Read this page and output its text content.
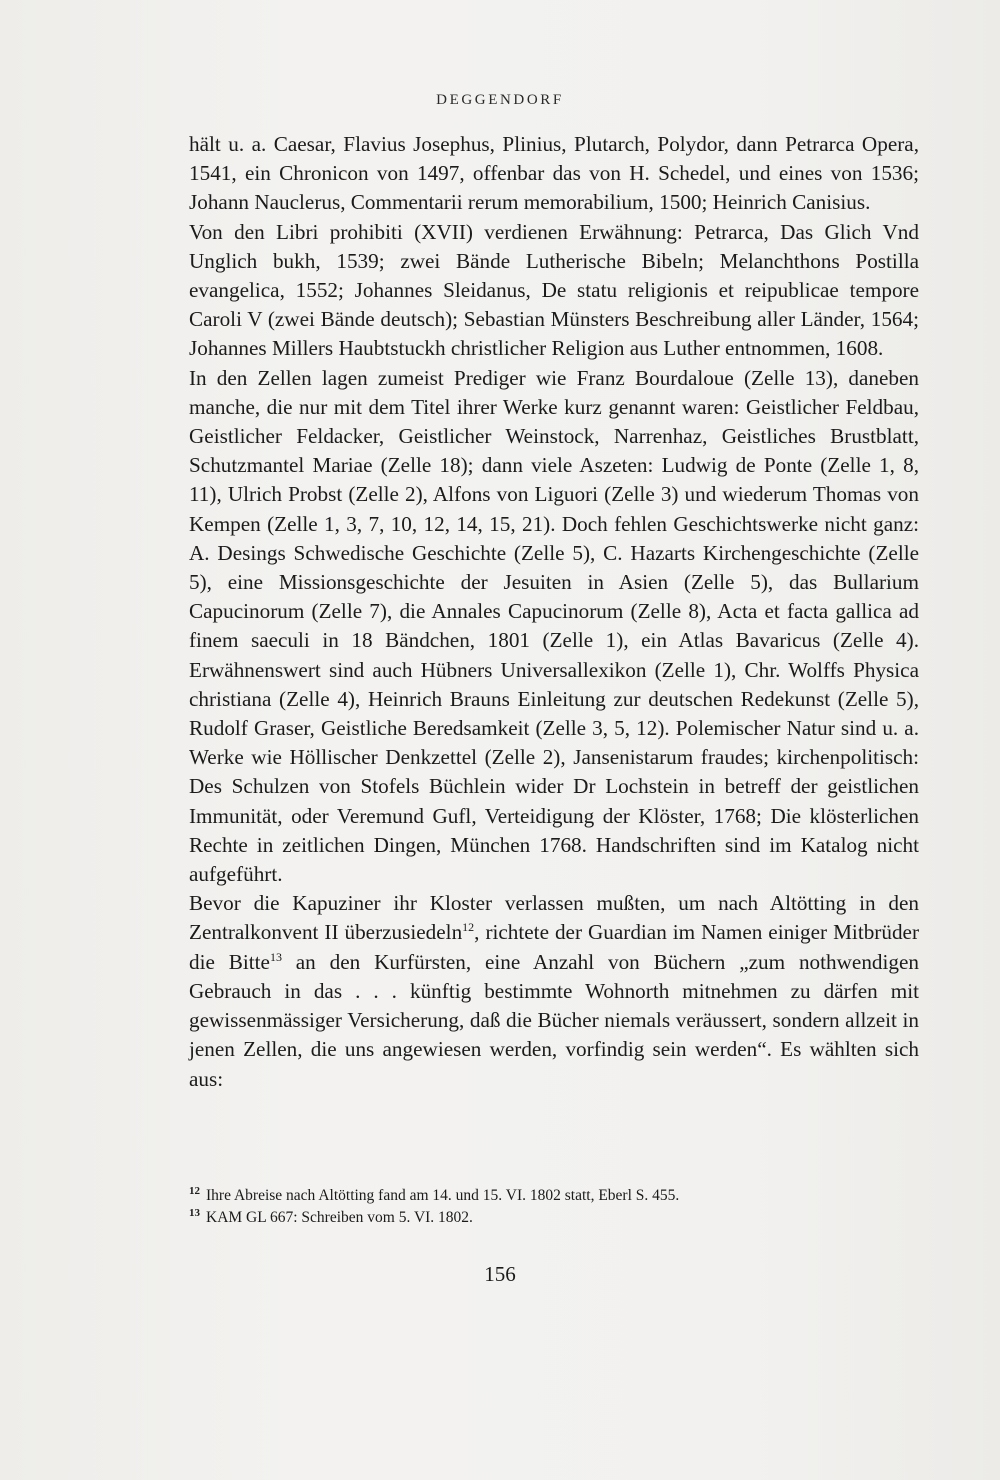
DEGGENDORF

hält u. a. Caesar, Flavius Josephus, Plinius, Plutarch, Polydor, dann Petrarca Opera, 1541, ein Chronicon von 1497, offenbar das von H. Schedel, und eines von 1536; Johann Nauclerus, Commentarii rerum memorabilium, 1500; Heinrich Canisius.

Von den Libri prohibiti (XVII) verdienen Erwähnung: Petrarca, Das Glich Vnd Unglich bukh, 1539; zwei Bände Lutherische Bibeln; Melanchthons Postilla evangelica, 1552; Johannes Sleidanus, De statu religionis et reipublicae tempore Caroli V (zwei Bände deutsch); Sebastian Münsters Beschreibung aller Länder, 1564; Johannes Millers Haubtstuckh christlicher Religion aus Luther entnommen, 1608.

In den Zellen lagen zumeist Prediger wie Franz Bourdaloue (Zelle 13), daneben manche, die nur mit dem Titel ihrer Werke kurz genannt waren: Geistlicher Feldbau, Geistlicher Feldacker, Geistlicher Weinstock, Narrenhaz, Geistliches Brustblatt, Schutzmantel Mariae (Zelle 18); dann viele Aszeten: Ludwig de Ponte (Zelle 1, 8, 11), Ulrich Probst (Zelle 2), Alfons von Liguori (Zelle 3) und wiederum Thomas von Kempen (Zelle 1, 3, 7, 10, 12, 14, 15, 21). Doch fehlen Geschichtswerke nicht ganz: A. Desings Schwedische Geschichte (Zelle 5), C. Hazarts Kirchengeschichte (Zelle 5), eine Missionsgeschichte der Jesuiten in Asien (Zelle 5), das Bullarium Capucinorum (Zelle 7), die Annales Capucinorum (Zelle 8), Acta et facta gallica ad finem saeculi in 18 Bändchen, 1801 (Zelle 1), ein Atlas Bavaricus (Zelle 4). Erwähnenswert sind auch Hübners Universallexikon (Zelle 1), Chr. Wolffs Physica christiana (Zelle 4), Heinrich Brauns Einleitung zur deutschen Redekunst (Zelle 5), Rudolf Graser, Geistliche Beredsamkeit (Zelle 3, 5, 12). Polemischer Natur sind u. a. Werke wie Höllischer Denkzettel (Zelle 2), Jansenistarum fraudes; kirchenpolitisch: Des Schulzen von Stofels Büchlein wider Dr Lochstein in betreff der geistlichen Immunität, oder Veremund Gufl, Verteidigung der Klöster, 1768; Die klösterlichen Rechte in zeitlichen Dingen, München 1768. Handschriften sind im Katalog nicht aufgeführt.

Bevor die Kapuziner ihr Kloster verlassen mußten, um nach Altötting in den Zentralkonvent II überzusiedeln$^{12}$, richtete der Guardian im Namen einiger Mitbrüder die Bitte$^{13}$ an den Kurfürsten, eine Anzahl von Büchern „zum nothwendigen Gebrauch in das . . . künftig bestimmte Wohnorth mitnehmen zu därfen mit gewissenmässiger Versicherung, daß die Bücher niemals veräussert, sondern allzeit in jenen Zellen, die uns angewiesen werden, vorfindig sein werden“. Es wählten sich aus:

$^{12}$ Ihre Abreise nach Altötting fand am 14. und 15. VI. 1802 statt, Eberl S. 455.

$^{13}$ KAM GL 667: Schreiben vom 5. VI. 1802.

156
